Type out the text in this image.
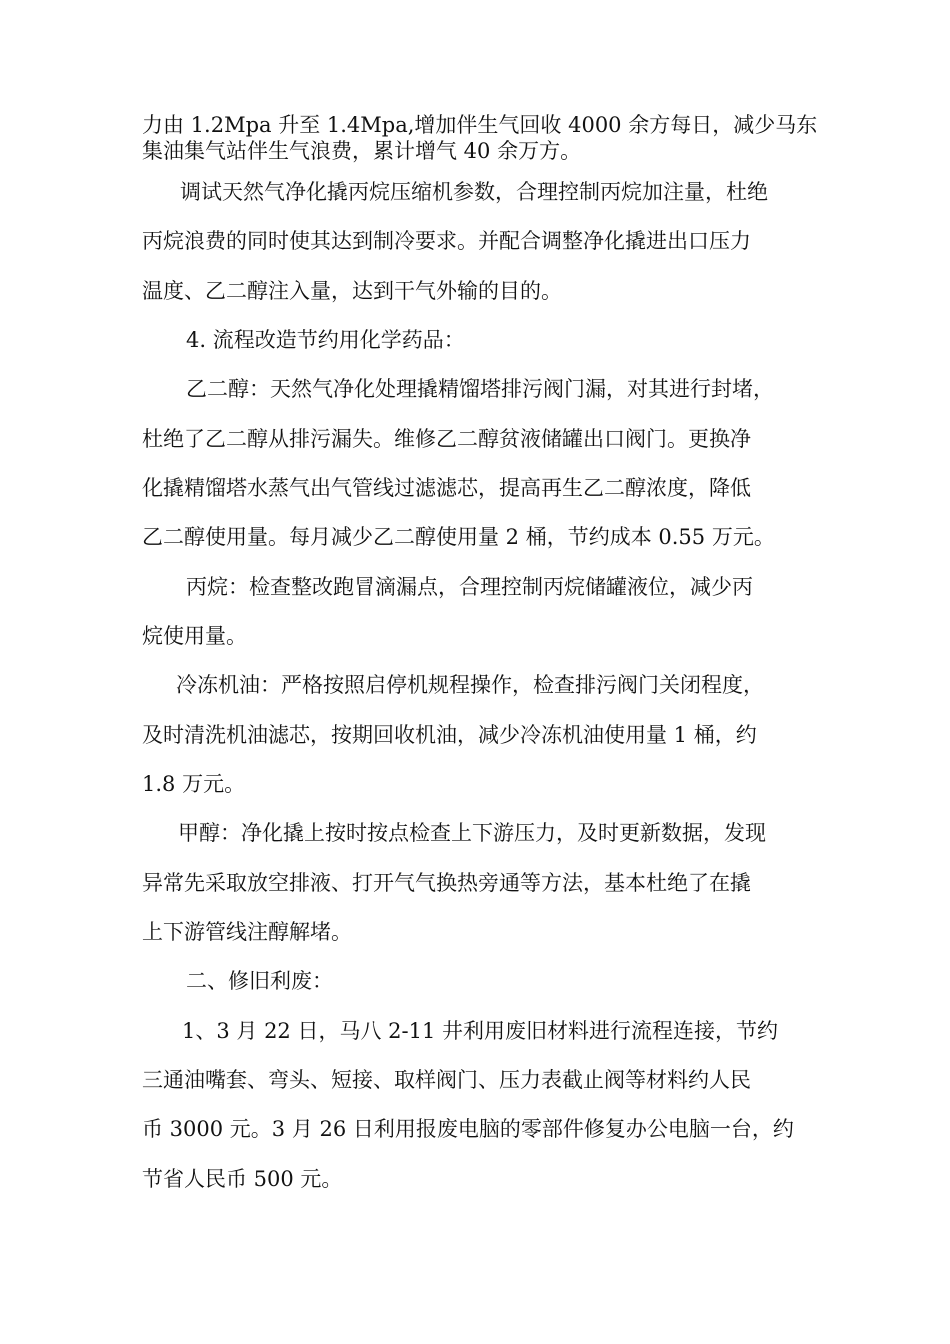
力由 1.2Mpa 升至 1.4Mpa,增加伴生气回收 4000 余方每日，减少马东

集油集气站伴生气浪费，累计增气 40 余万方。

调试天然气净化撬丙烷压缩机参数，合理控制丙烷加注量，杜绝

丙烷浪费的同时使其达到制冷要求。并配合调整净化撬进出口压力

温度、乙二醇注入量，达到干气外输的目的。

4. 流程改造节约用化学药品：

乙二醇：天然气净化处理撬精馏塔排污阀门漏，对其进行封堵，

杜绝了乙二醇从排污漏失。维修乙二醇贫液储罐出口阀门。更换净

化撬精馏塔水蒸气出气管线过滤滤芯，提高再生乙二醇浓度，降低

乙二醇使用量。每月减少乙二醇使用量 2 桶，节约成本 0.55 万元。

丙烷：检查整改跑冒滴漏点，合理控制丙烷储罐液位，减少丙

烷使用量。

冷冻机油：严格按照启停机规程操作，检查排污阀门关闭程度，

及时清洗机油滤芯，按期回收机油，减少冷冻机油使用量 1 桶，约

1.8 万元。

甲醇：净化撬上按时按点检查上下游压力，及时更新数据，发现

异常先采取放空排液、打开气气换热旁通等方法，基本杜绝了在撬

上下游管线注醇解堵。

二、修旧利废：

1、3 月 22 日，马八 2-11 井利用废旧材料进行流程连接，节约

三通油嘴套、弯头、短接、取样阀门、压力表截止阀等材料约人民

币 3000 元。3 月 26 日利用报废电脑的零部件修复办公电脑一台，约

节省人民币 500 元。
